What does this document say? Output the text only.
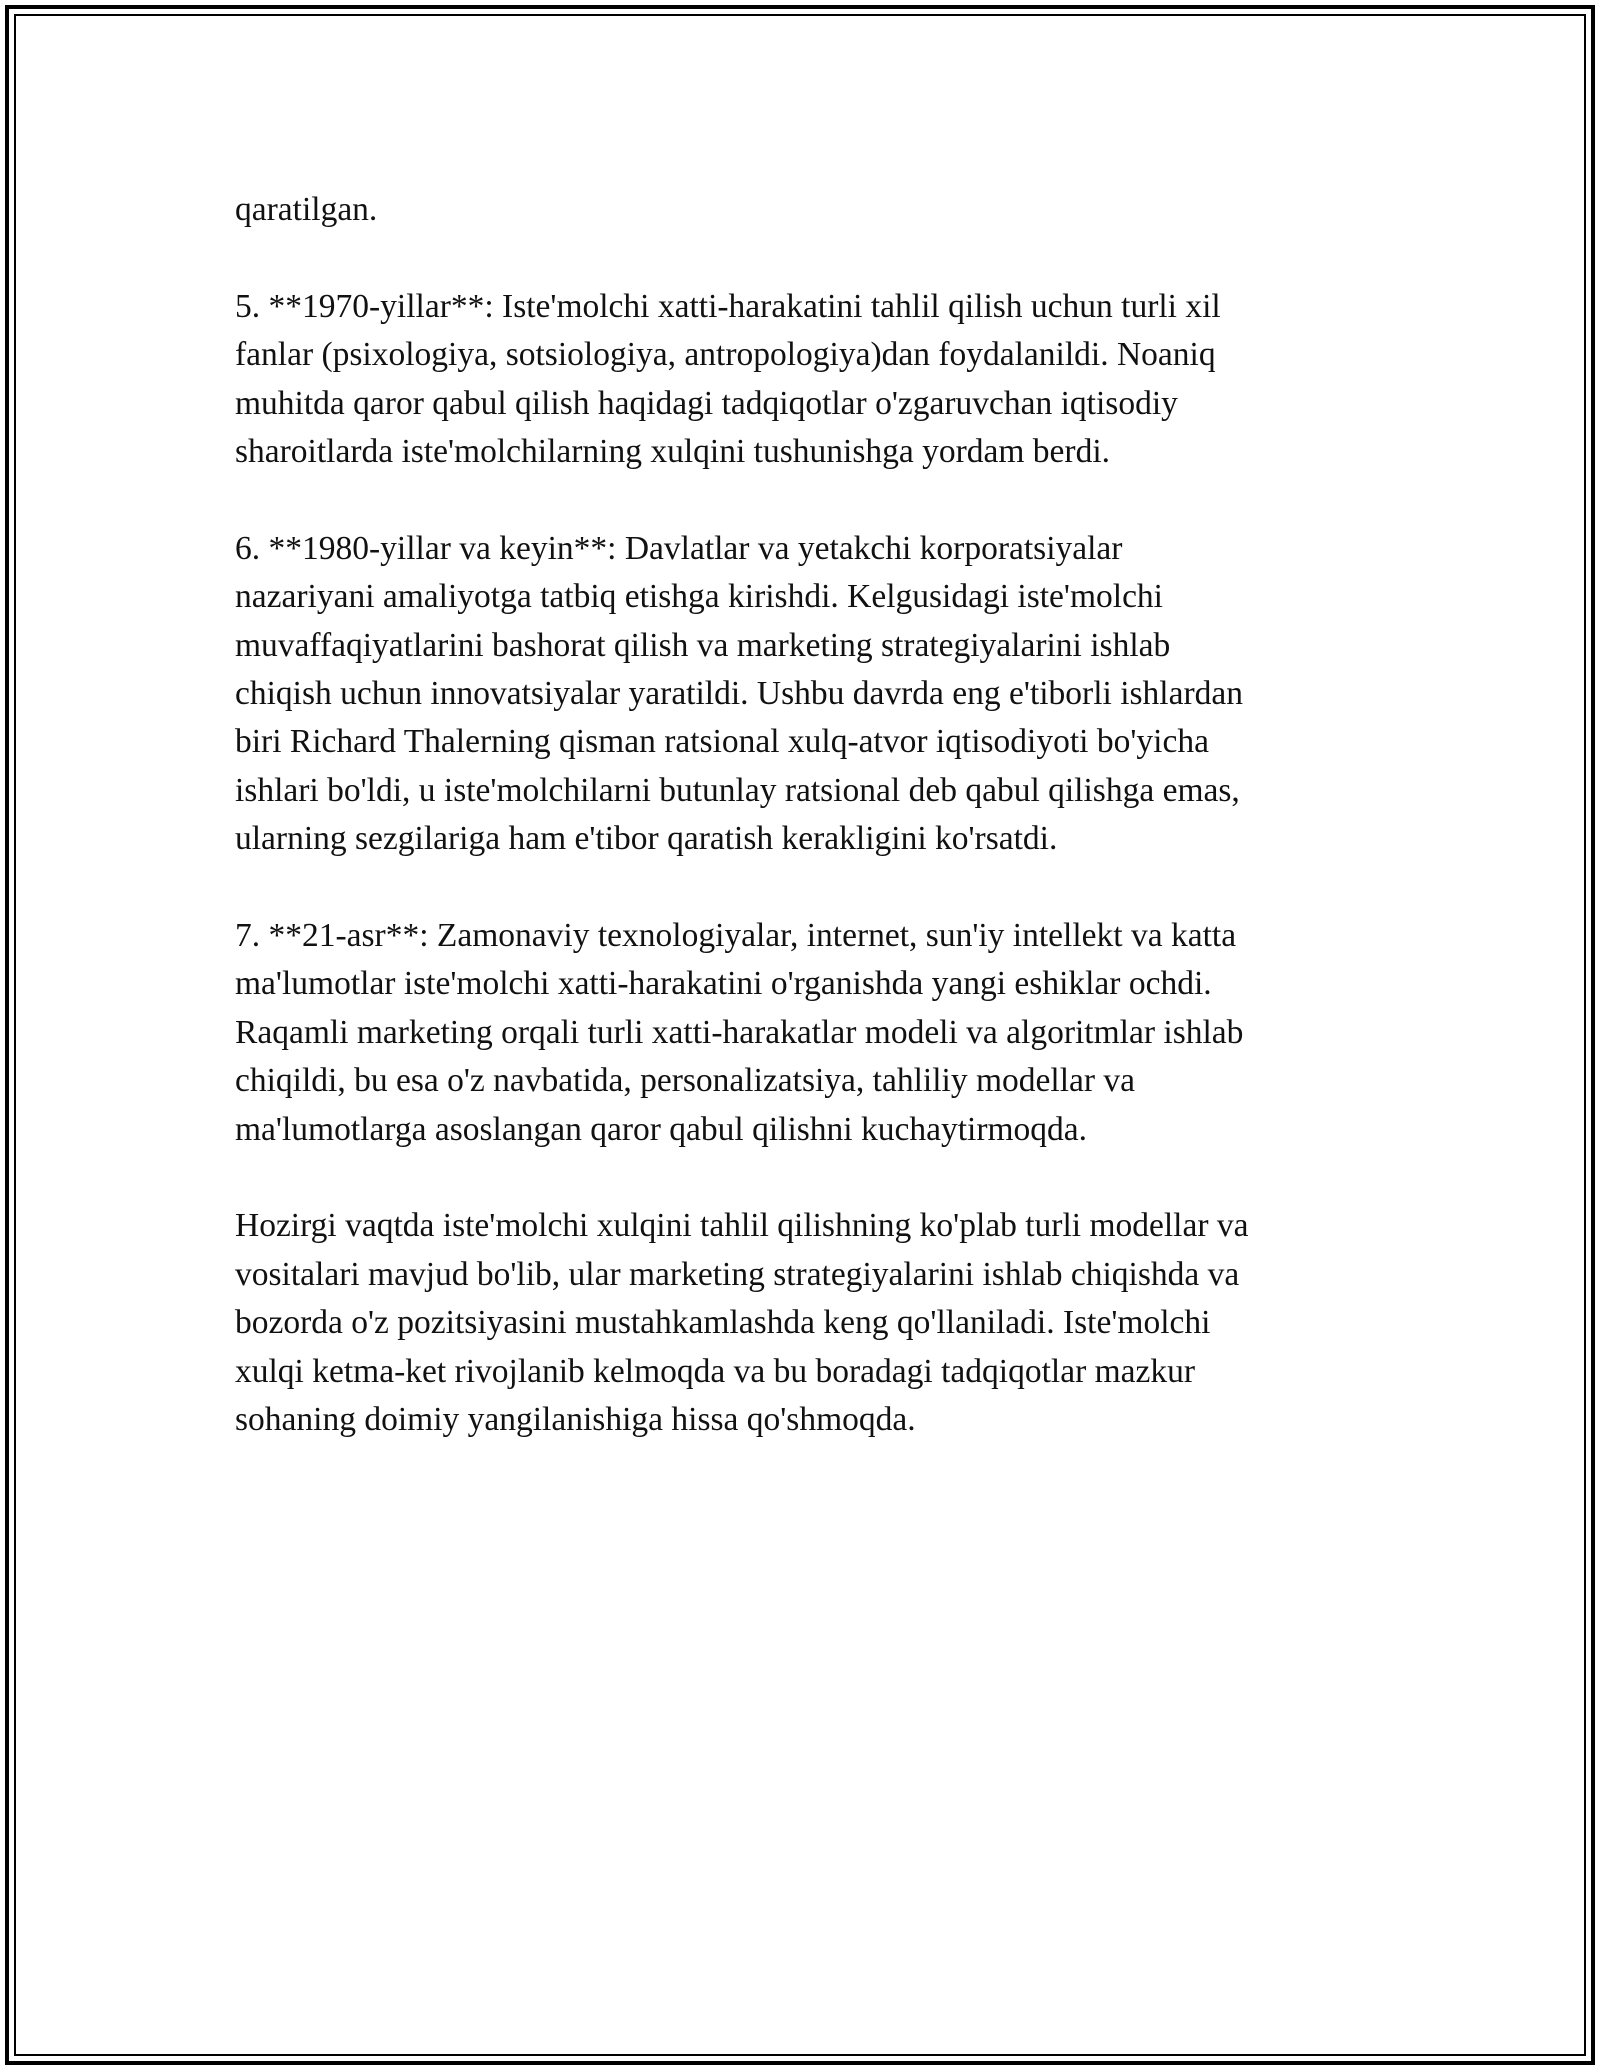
qaratilgan.

5. **1970-yillar**: Iste'molchi xatti-harakatini tahlil qilish uchun turli xil
fanlar (psixologiya, sotsiologiya, antropologiya)dan foydalanildi. Noaniq
muhitda qaror qabul qilish haqidagi tadqiqotlar o'zgaruvchan iqtisodiy
sharoitlarda iste'molchilarning xulqini tushunishga yordam berdi.

6. **1980-yillar va keyin**: Davlatlar va yetakchi korporatsiyalar
nazariyani amaliyotga tatbiq etishga kirishdi. Kelgusidagi iste'molchi
muvaffaqiyatlarini bashorat qilish va marketing strategiyalarini ishlab
chiqish uchun innovatsiyalar yaratildi. Ushbu davrda eng e'tiborli ishlardan
biri Richard Thalerning qisman ratsional xulq-atvor iqtisodiyoti bo'yicha
ishlari bo'ldi, u iste'molchilarni butunlay ratsional deb qabul qilishga emas,
ularning sezgilariga ham e'tibor qaratish kerakligini ko'rsatdi.

7. **21-asr**: Zamonaviy texnologiyalar, internet, sun'iy intellekt va katta
ma'lumotlar iste'molchi xatti-harakatini o'rganishda yangi eshiklar ochdi.
Raqamli marketing orqali turli xatti-harakatlar modeli va algoritmlar ishlab
chiqildi, bu esa o'z navbatida, personalizatsiya, tahliliy modellar va
ma'lumotlarga asoslangan qaror qabul qilishni kuchaytirmoqda.

Hozirgi vaqtda iste'molchi xulqini tahlil qilishning ko'plab turli modellar va
vositalari mavjud bo'lib, ular marketing strategiyalarini ishlab chiqishda va
bozorda o'z pozitsiyasini mustahkamlashda keng qo'llaniladi. Iste'molchi
xulqi ketma-ket rivojlanib kelmoqda va bu boradagi tadqiqotlar mazkur
sohaning doimiy yangilanishiga hissa qo'shmoqda.
